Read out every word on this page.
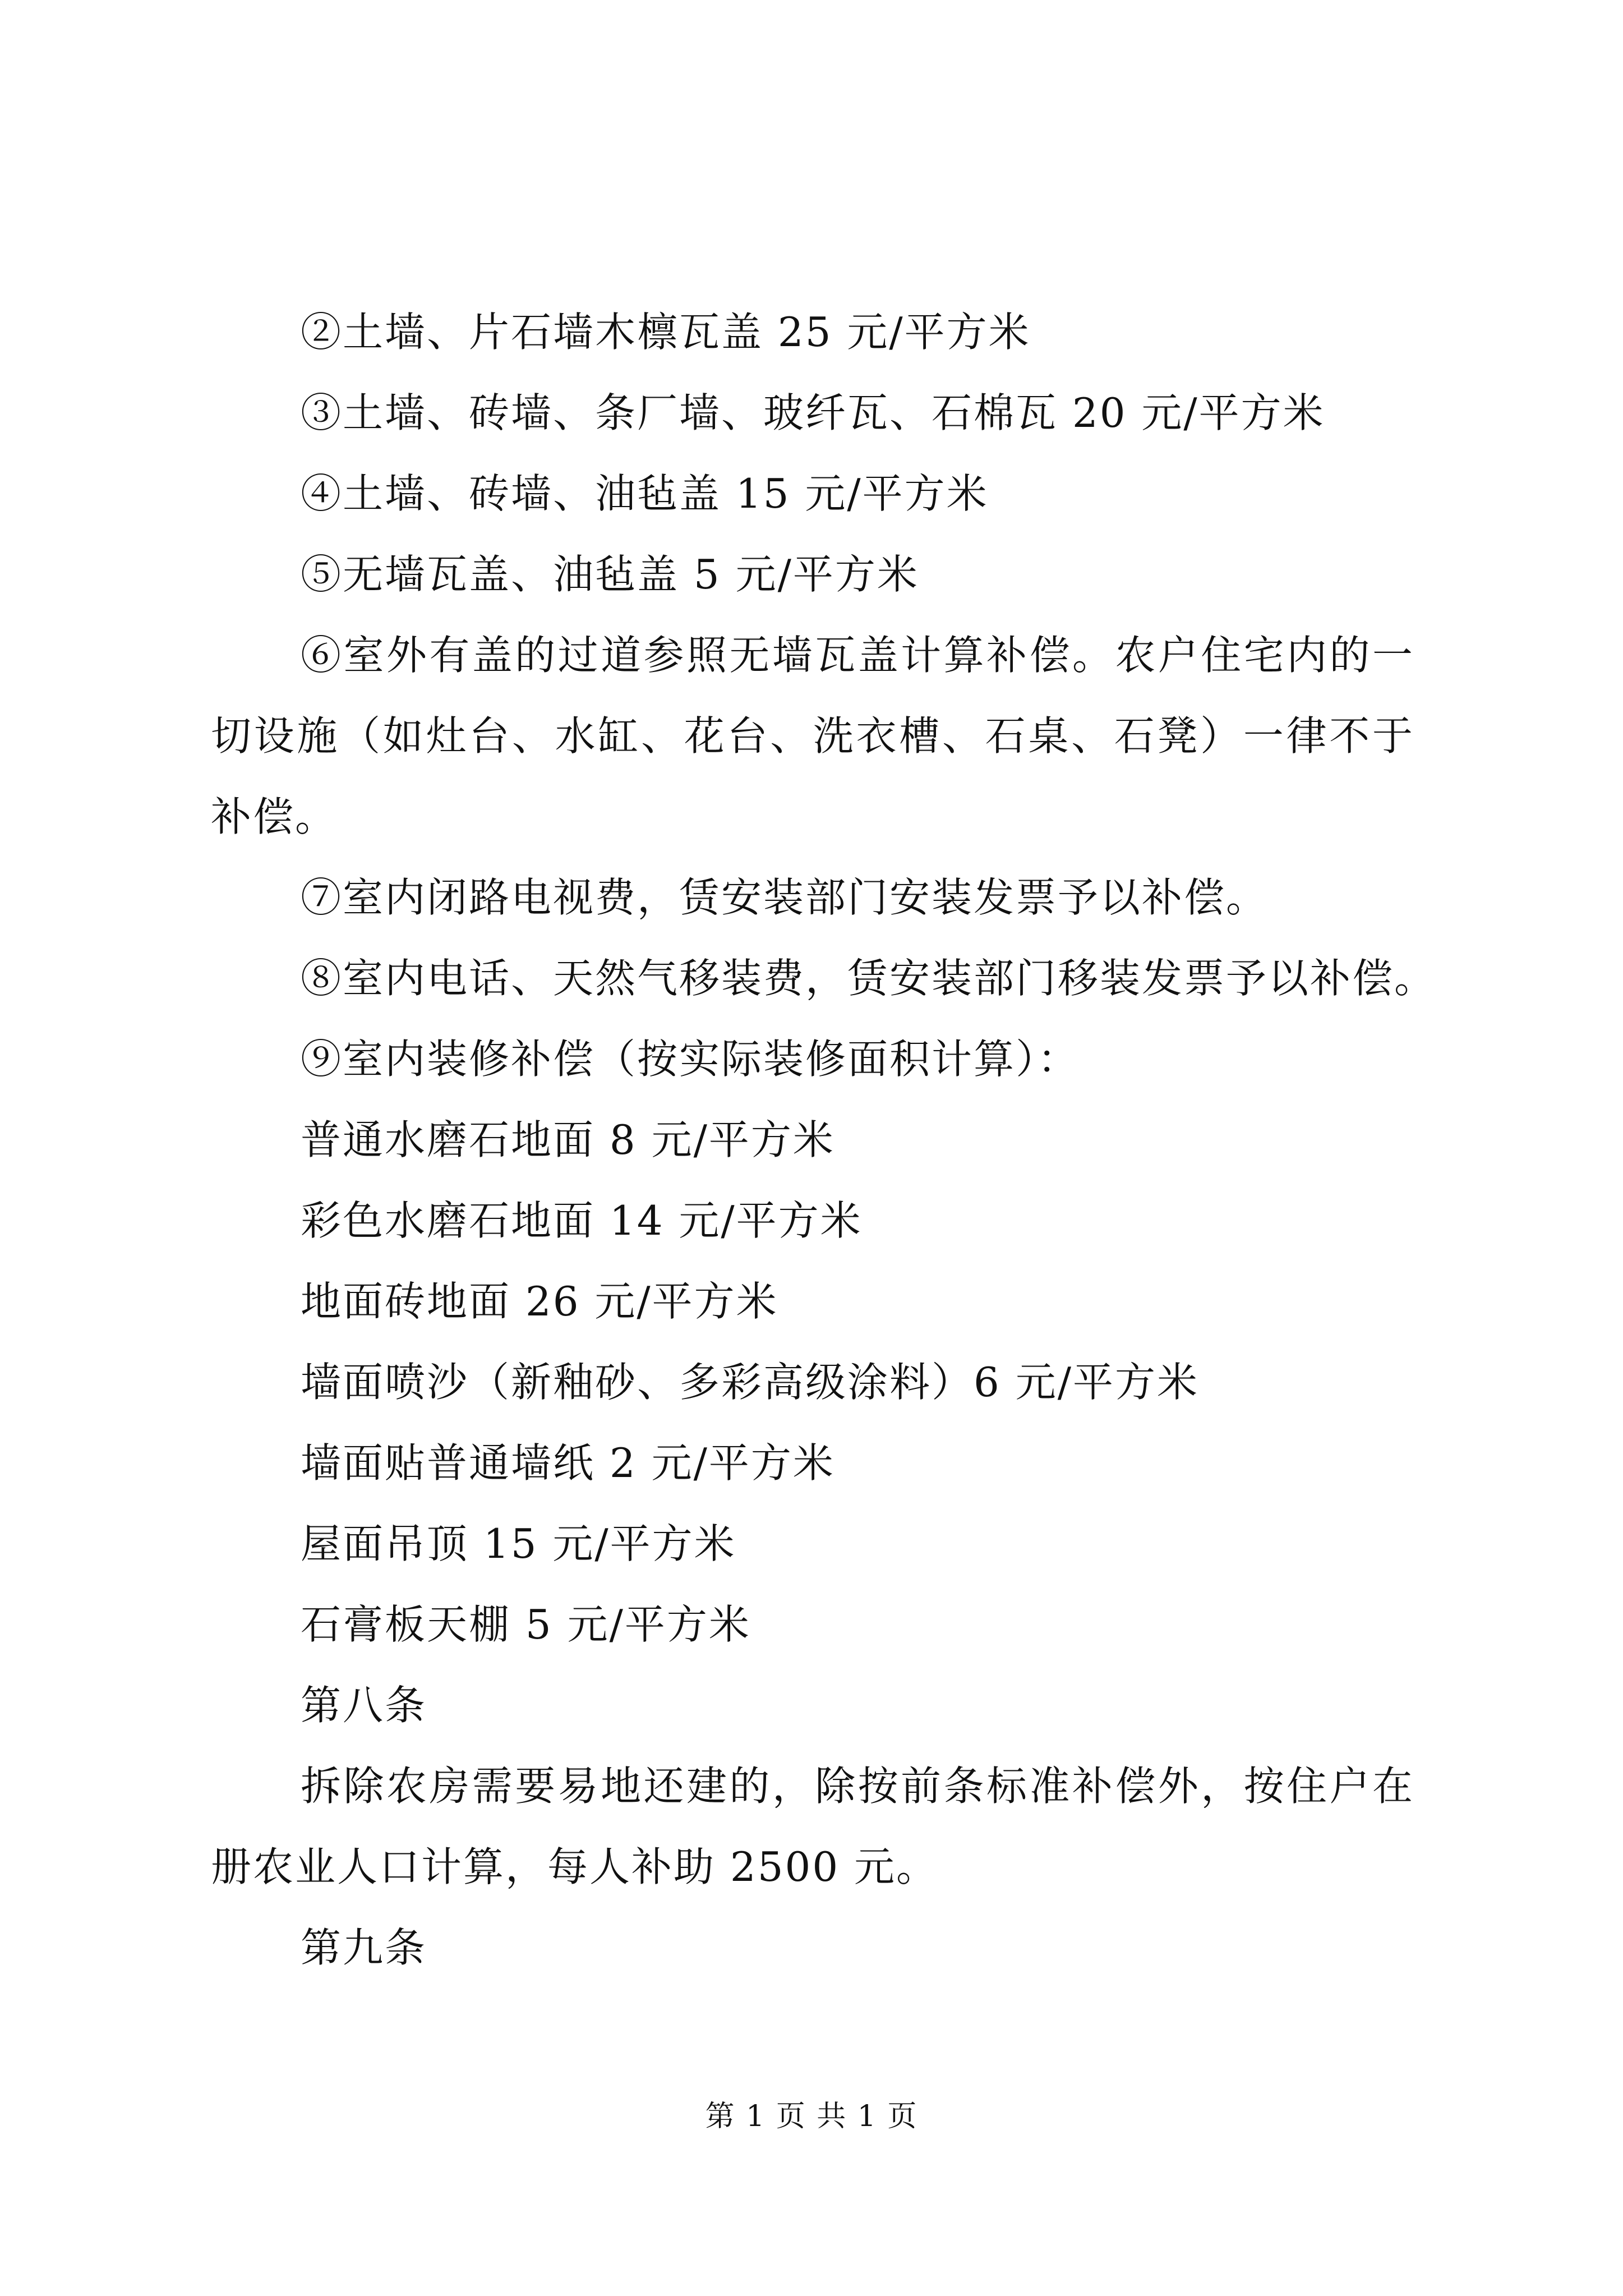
②土墙、片石墙木檩瓦盖 25 元/平方米

③土墙、砖墙、条厂墙、玻纤瓦、石棉瓦 20 元/平方米

④土墙、砖墙、油毡盖 15 元/平方米

⑤无墙瓦盖、油毡盖 5 元/平方米

⑥室外有盖的过道参照无墙瓦盖计算补偿。农户住宅内的一切设施（如灶台、水缸、花台、洗衣槽、石桌、石凳）一律不于补偿。

⑦室内闭路电视费，赁安装部门安装发票予以补偿。

⑧室内电话、天然气移装费，赁安装部门移装发票予以补偿。

⑨室内装修补偿（按实际装修面积计算）：

普通水磨石地面 8 元/平方米

彩色水磨石地面 14 元/平方米

地面砖地面 26 元/平方米

墙面喷沙（新釉砂、多彩高级涂料）6 元/平方米

墙面贴普通墙纸 2 元/平方米

屋面吊顶 15 元/平方米

石膏板天棚 5 元/平方米

第八条

拆除农房需要易地还建的，除按前条标准补偿外，按住户在册农业人口计算，每人补助 2500 元。

第九条

第 1 页 共 1 页
